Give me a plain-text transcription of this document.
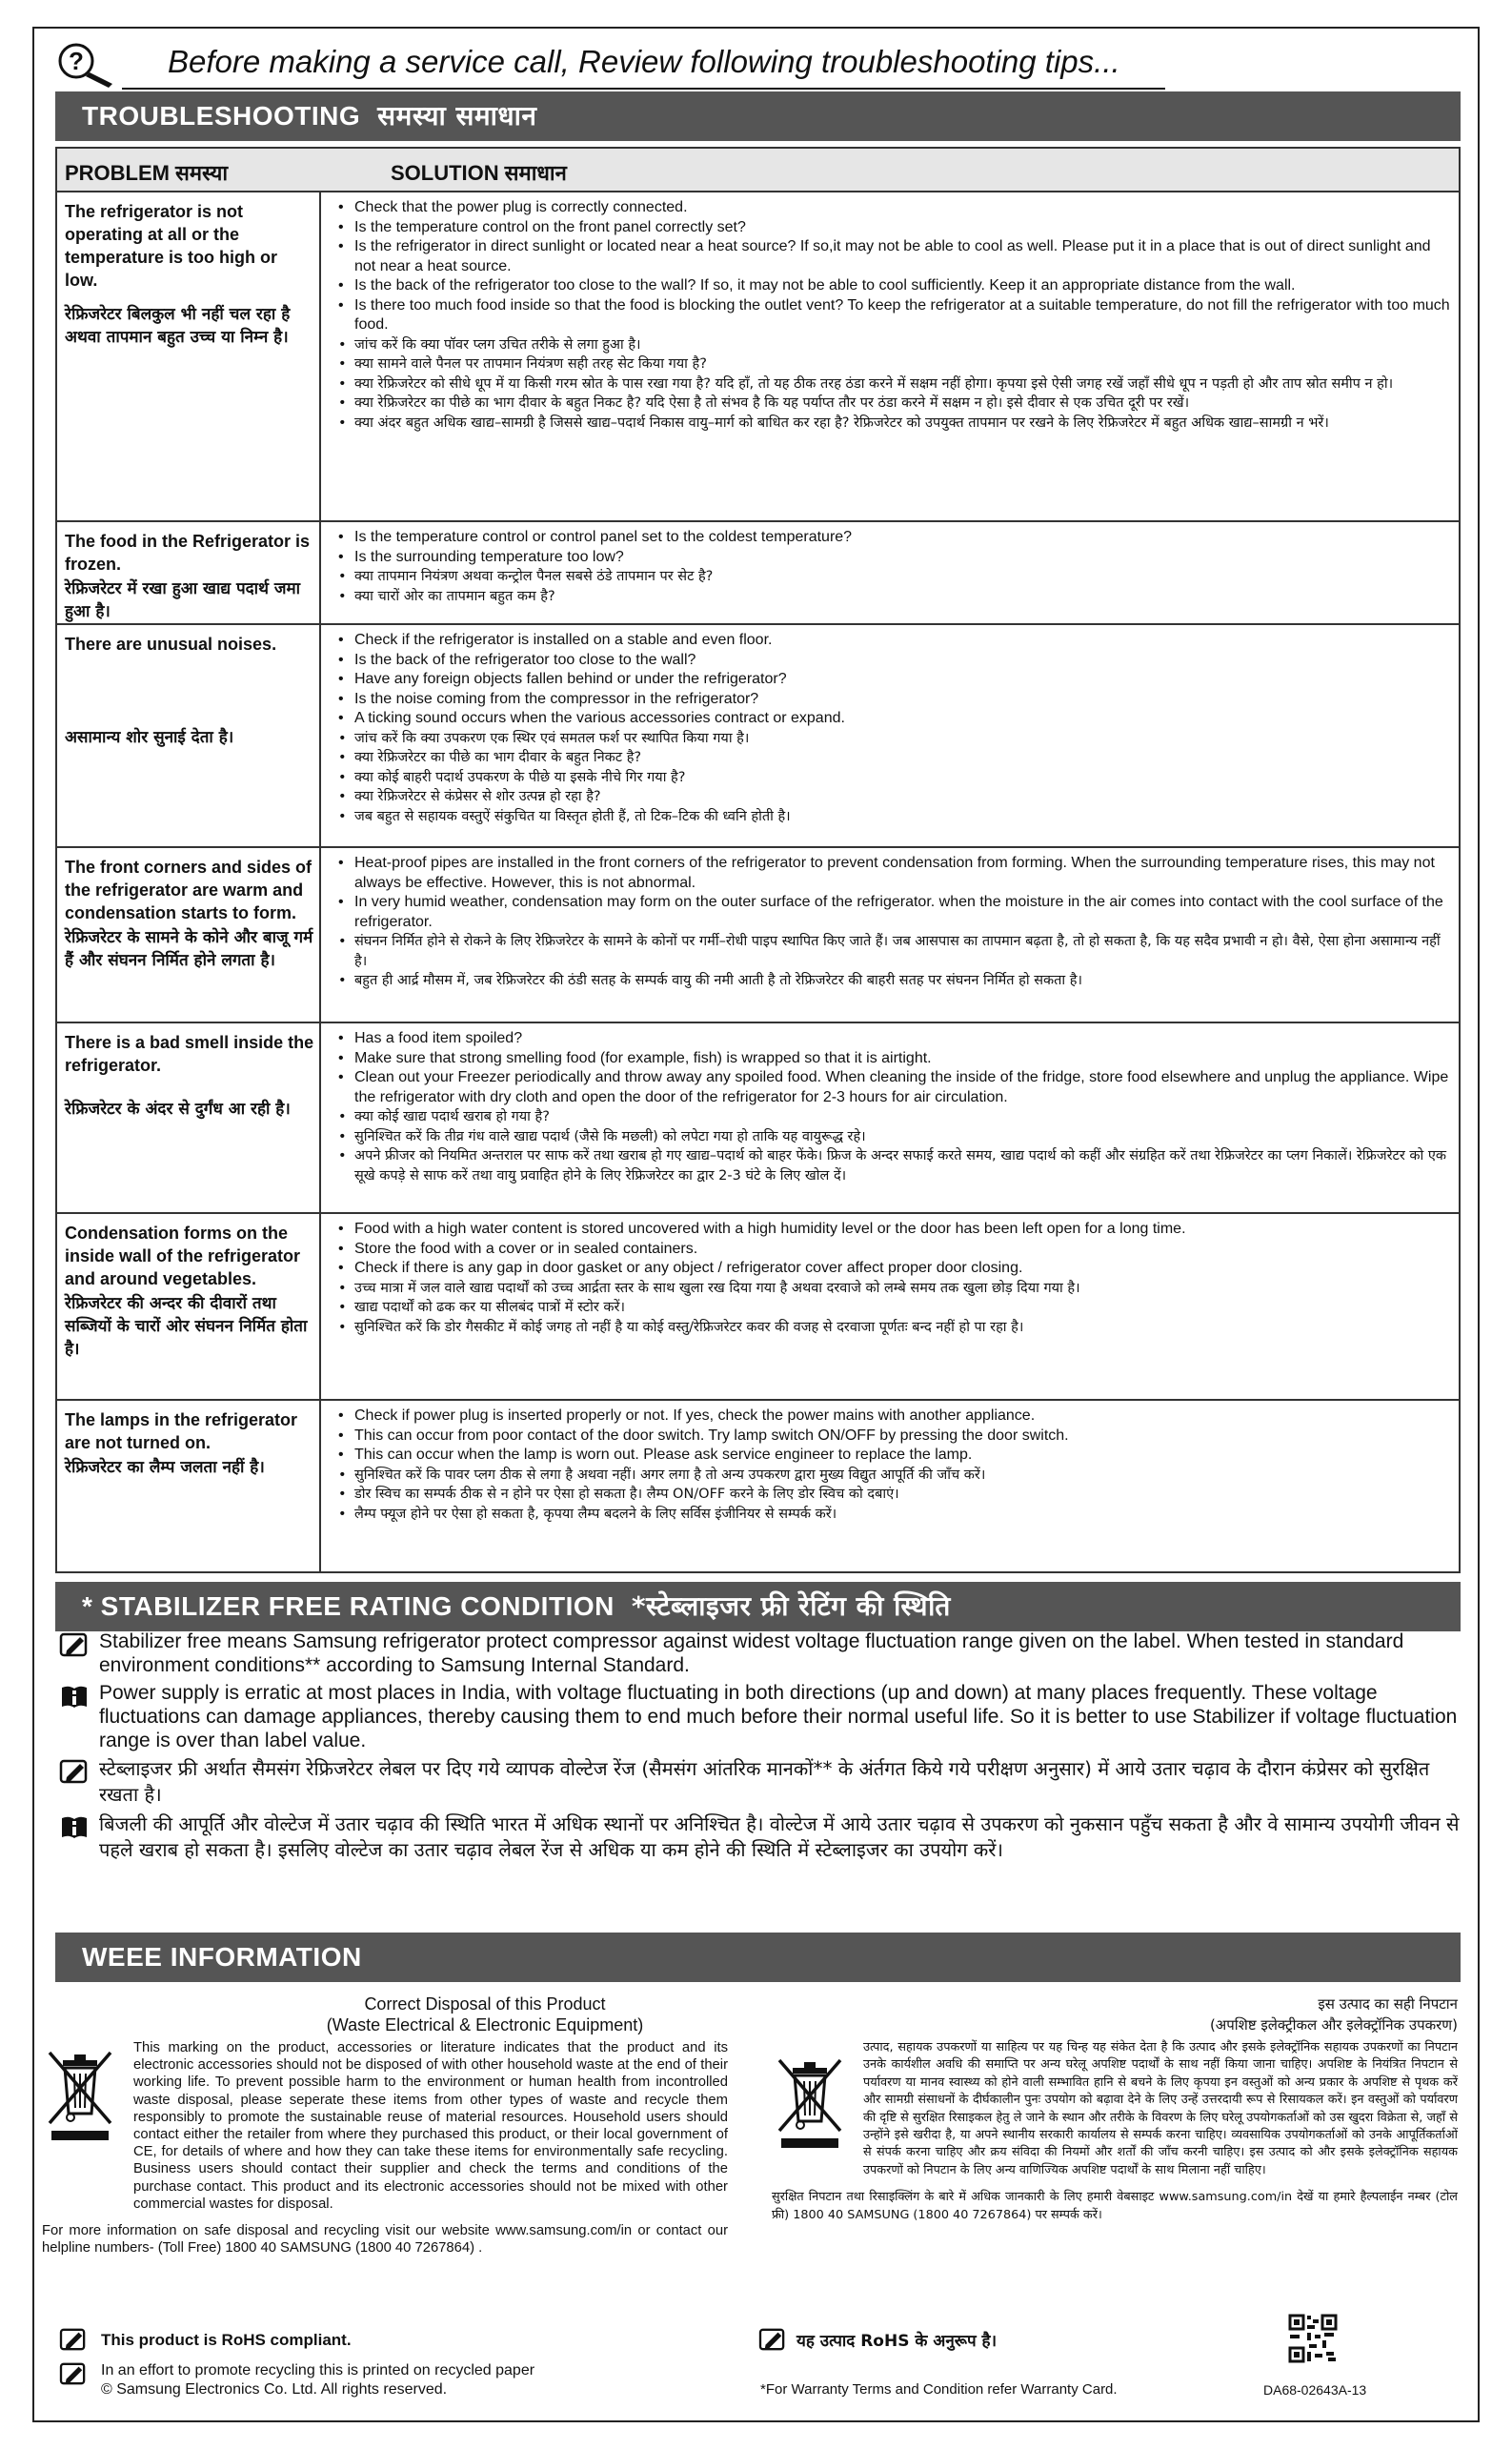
?	Before making a service call, Review following troubleshooting tips...
TROUBLESHOOTING समस्या समाधान
PROBLEM समस्या	SOLUTION समाधान
The refrigerator is not operating at all or the temperature is too high or low.
रेफ्रिजरेटर बिलकुल भी नहीं चल रहा है अथवा तापमान बहुत उच्च या निम्न है।
• Check that the power plug is correctly connected.
• Is the temperature control on the front panel correctly set?
• Is the refrigerator in direct sunlight or located near a heat source? If so,it may not be able to cool as well. Please put it in a place that is out of direct sunlight and not near a heat source.
• Is the back of the refrigerator too close to the wall? If so, it may not be able to cool sufficiently. Keep it an appropriate distance from the wall.
• Is there too much food inside so that the food is blocking the outlet vent? To keep the refrigerator at a suitable temperature, do not fill the refrigerator with too much food.
• जांच करें कि क्या पॉवर प्लग उचित तरीके से लगा हुआ है।
• क्या सामने वाले पैनल पर तापमान नियंत्रण सही तरह सेट किया गया है?
• क्या रेफ्रिजरेटर को सीधे धूप में या किसी गरम स्रोत के पास रखा गया है? यदि हाँ, तो यह ठीक तरह ठंडा करने में सक्षम नहीं होगा। कृपया इसे ऐसी जगह रखें जहाँ सीधे धूप न पड़ती हो और ताप स्रोत समीप न हो।
• क्या रेफ्रिजरेटर का पीछे का भाग दीवार के बहुत निकट है? यदि ऐसा है तो संभव है कि यह पर्याप्त तौर पर ठंडा करने में सक्षम न हो। इसे दीवार से एक उचित दूरी पर रखें।
• क्या अंदर बहुत अधिक खाद्य–सामग्री है जिससे खाद्य–पदार्थ निकास वायु–मार्ग को बाधित कर रहा है? रेफ्रिजरेटर को उपयुक्त तापमान पर रखने के लिए रेफ्रिजरेटर में बहुत अधिक खाद्य–सामग्री न भरें।
The food in the Refrigerator is frozen.
रेफ्रिजरेटर में रखा हुआ खाद्य पदार्थ जमा हुआ है।
• Is the temperature control or control panel set to the coldest temperature?
• Is the surrounding temperature too low?
• क्या तापमान नियंत्रण अथवा कन्ट्रोल पैनल सबसे ठंडे तापमान पर सेट है?
• क्या चारों ओर का तापमान बहुत कम है?
There are unusual noises.
असामान्य शोर सुनाई देता है।
• Check if the refrigerator is installed on a stable and even floor.
• Is the back of the refrigerator too close to the wall?
• Have any foreign objects fallen behind or under the refrigerator?
• Is the noise coming from the compressor in the refrigerator?
• A ticking sound occurs when the various accessories contract or expand.
• जांच करें कि क्या उपकरण एक स्थिर एवं समतल फर्श पर स्थापित किया गया है।
• क्या रेफ्रिजरेटर का पीछे का भाग दीवार के बहुत निकट है?
• क्या कोई बाहरी पदार्थ उपकरण के पीछे या इसके नीचे गिर गया है?
• क्या रेफ्रिजरेटर से कंप्रेसर से शोर उत्पन्न हो रहा है?
• जब बहुत से सहायक वस्तुऐं संकुचित या विस्तृत होती हैं, तो टिक–टिक की ध्वनि होती है।
The front corners and sides of the refrigerator are warm and condensation starts to form.
रेफ्रिजरेटर के सामने के कोने और बाजू गर्म हैं और संघनन निर्मित होने लगता है।
• Heat-proof pipes are installed in the front corners of the refrigerator to prevent condensation from forming. When the surrounding temperature rises, this may not always be effective. However, this is not abnormal.
• In very humid weather, condensation may form on the outer surface of the refrigerator. when the moisture in the air comes into contact with the cool surface of the refrigerator.
• संघनन निर्मित होने से रोकने के लिए रेफ्रिजरेटर के सामने के कोनों पर गर्मी–रोधी पाइप स्थापित किए जाते हैं। जब आसपास का तापमान बढ़ता है, तो हो सकता है, कि यह सदैव प्रभावी न हो। वैसे, ऐसा होना असामान्य नहीं है।
• बहुत ही आर्द्र मौसम में, जब रेफ्रिजरेटर की ठंडी सतह के सम्पर्क वायु की नमी आती है तो रेफ्रिजरेटर की बाहरी सतह पर संघनन निर्मित हो सकता है।
There is a bad smell inside the refrigerator.
रेफ्रिजरेटर के अंदर से दुर्गंध आ रही है।
• Has a food item spoiled?
• Make sure that strong smelling food (for example, fish) is wrapped so that it is airtight.
• Clean out your Freezer periodically and throw away any spoiled food. When cleaning the inside of the fridge, store food elsewhere and unplug the appliance. Wipe the refrigerator with dry cloth and open the door of the refrigerator for 2-3 hours for air circulation.
• क्या कोई खाद्य पदार्थ खराब हो गया है?
• सुनिश्चित करें कि तीव्र गंध वाले खाद्य पदार्थ (जैसे कि मछली) को लपेटा गया हो ताकि यह वायुरूद्ध रहे।
• अपने फ्रीजर को नियमित अन्तराल पर साफ करें तथा खराब हो गए खाद्य–पदार्थ को बाहर फेंके। फ्रिज के अन्दर सफाई करते समय, खाद्य पदार्थ को कहीं और संग्रहित करें तथा रेफ्रिजरेटर का प्लग निकालें। रेफ्रिजरेटर को एक सूखे कपड़े से साफ करें तथा वायु प्रवाहित होने के लिए रेफ्रिजरेटर का द्वार 2-3 घंटे के लिए खोल दें।
Condensation forms on the inside wall of the refrigerator and around vegetables.
रेफ्रिजरेटर की अन्दर की दीवारों तथा सब्जियों के चारों ओर संघनन निर्मित होता है।
• Food with a high water content is stored uncovered with a high humidity level or the door has been left open for a long time.
• Store the food with a cover or in sealed containers.
• Check if there is any gap in door gasket or any object / refrigerator cover affect proper door closing.
• उच्च मात्रा में जल वाले खाद्य पदार्थों को उच्च आर्द्रता स्तर के साथ खुला रख दिया गया है अथवा दरवाजे को लम्बे समय तक खुला छोड़ दिया गया है।
• खाद्य पदार्थों को ढक कर या सीलबंद पात्रों में स्टोर करें।
• सुनिश्चित करें कि डोर गैसकीट में कोई जगह तो नहीं है या कोई वस्तु/रेफ्रिजरेटर कवर की वजह से दरवाजा पूर्णतः बन्द नहीं हो पा रहा है।
The lamps in the refrigerator are not turned on.
रेफ्रिजरेटर का लैम्प जलता नहीं है।
• Check if power plug is inserted properly or not. If yes, check the power mains with another appliance.
• This can occur from poor contact of the door switch. Try lamp switch ON/OFF by pressing the door switch.
• This can occur when the lamp is worn out. Please ask service engineer to replace the lamp.
• सुनिश्चित करें कि पावर प्लग ठीक से लगा है अथवा नहीं। अगर लगा है तो अन्य उपकरण द्वारा मुख्य विद्युत आपूर्ति की जाँच करें।
• डोर स्विच का सम्पर्क ठीक से न होने पर ऐसा हो सकता है। लैम्प ON/OFF करने के लिए डोर स्विच को दबाएं।
• लैम्प फ्यूज होने पर ऐसा हो सकता है, कृपया लैम्प बदलने के लिए सर्विस इंजीनियर से सम्पर्क करें।
* STABILIZER FREE RATING CONDITION *स्टेब्लाइजर फ्री रेटिंग की स्थिति

Stabilizer free means Samsung refrigerator protect compressor against widest voltage fluctuation range given on the label. When tested in standard environment conditions** according to Samsung Internal Standard.

Power supply is erratic at most places in India, with voltage fluctuating in both directions (up and down) at many places frequently. These voltage fluctuations can damage appliances, thereby causing them to end much before their normal useful life. So it is better to use Stabilizer if voltage fluctuation range is over than label value.

स्टेब्लाइजर फ्री अर्थात सैमसंग रेफ्रिजरेटर लेबल पर दिए गये व्यापक वोल्टेज रेंज (सैमसंग आंतरिक मानकों** के अंर्तगत किये गये परीक्षण अनुसार) में आये उतार चढ़ाव के दौरान कंप्रेसर को सुरक्षित रखता है।

बिजली की आपूर्ति और वोल्टेज में उतार चढ़ाव की स्थिति भारत में अधिक स्थानों पर अनिश्चित है। वोल्टेज में आये उतार चढ़ाव से उपकरण को नुकसान पहुँच सकता है और वे सामान्य उपयोगी जीवन से पहले खराब हो सकता है। इसलिए वोल्टेज का उतार चढ़ाव लेबल रेंज से अधिक या कम होने की स्थिति में स्टेब्लाइजर का उपयोग करें।

WEEE INFORMATION
Correct Disposal of this Product
(Waste Electrical & Electronic Equipment)
This marking on the product, accessories or literature indicates that the product and its electronic accessories should not be disposed of with other household waste at the end of their working life. To prevent possible harm to the environment or human health from incontrolled waste disposal, please seperate these items from other types of waste and recycle them responsibly to promote the sustainable reuse of material resources. Household users should contact either the retailer from where they purchased this product, or their local government of CE, for details of where and how they can take these items for environmentally safe recycling. Business users should contact their supplier and check the terms and conditions of the purchase contact. This product and its electronic accessories should not be mixed with other commercial wastes for disposal.
For more information on safe disposal and recycling visit our website www.samsung.com/in or contact our helpline numbers- (Toll Free) 1800 40 SAMSUNG (1800 40 7267864) .
इस उत्पाद का सही निपटान
(अपशिष्ट इलेक्ट्रीकल और इलेक्ट्रॉनिक उपकरण)
उत्पाद, सहायक उपकरणों या साहित्य पर यह चिन्ह यह संकेत देता है कि उत्पाद और इसके इलेक्ट्रॉनिक सहायक उपकरणों का निपटान उनके कार्यशील अवधि की समाप्ति पर अन्य घरेलू अपशिष्ट पदार्थों के साथ नहीं किया जाना चाहिए। अपशिष्ट के नियंत्रित निपटान से पर्यावरण या मानव स्वास्थ्य को होने वाली सम्भावित हानि से बचने के लिए कृपया इन वस्तुओं को अन्य प्रकार के अपशिष्ट से पृथक करें और सामग्री संसाधनों के दीर्घकालीन पुनः उपयोग को बढ़ावा देने के लिए उन्हें उत्तरदायी रूप से रिसायकल करें। इन वस्तुओं को पर्यावरण की दृष्टि से सुरक्षित रिसाइकल हेतु ले जाने के स्थान और तरीके के विवरण के लिए घरेलू उपयोगकर्ताओं को उस खुदरा विक्रेता से, जहाँ से उन्होंने इसे खरीदा है, या अपने स्थानीय सरकारी कार्यालय से सम्पर्क करना चाहिए। व्यवसायिक उपयोगकर्ताओं को उनके आपूर्तिकर्ताओं से संपर्क करना चाहिए और क्रय संविदा की नियमों और शर्तों की जाँच करनी चाहिए। इस उत्पाद को और इसके इलेक्ट्रॉनिक सहायक उपकरणों को निपटान के लिए अन्य वाणिज्यिक अपशिष्ट पदार्थों के साथ मिलाना नहीं चाहिए।
सुरक्षित निपटान तथा रिसाइक्लिंग के बारे में अधिक जानकारी के लिए हमारी वेबसाइट www.samsung.com/in देखें या हमारे हैल्पलाईन नम्बर (टोल फ्री) 1800 40 SAMSUNG (1800 40 7267864) पर सम्पर्क करें।
This product is RoHS compliant.
In an effort to promote recycling this is printed on recycled paper
© Samsung Electronics Co. Ltd. All rights reserved.
यह उत्पाद RoHS के अनुरूप है।
*For Warranty Terms and Condition refer Warranty Card.	DA68-02643A-13
